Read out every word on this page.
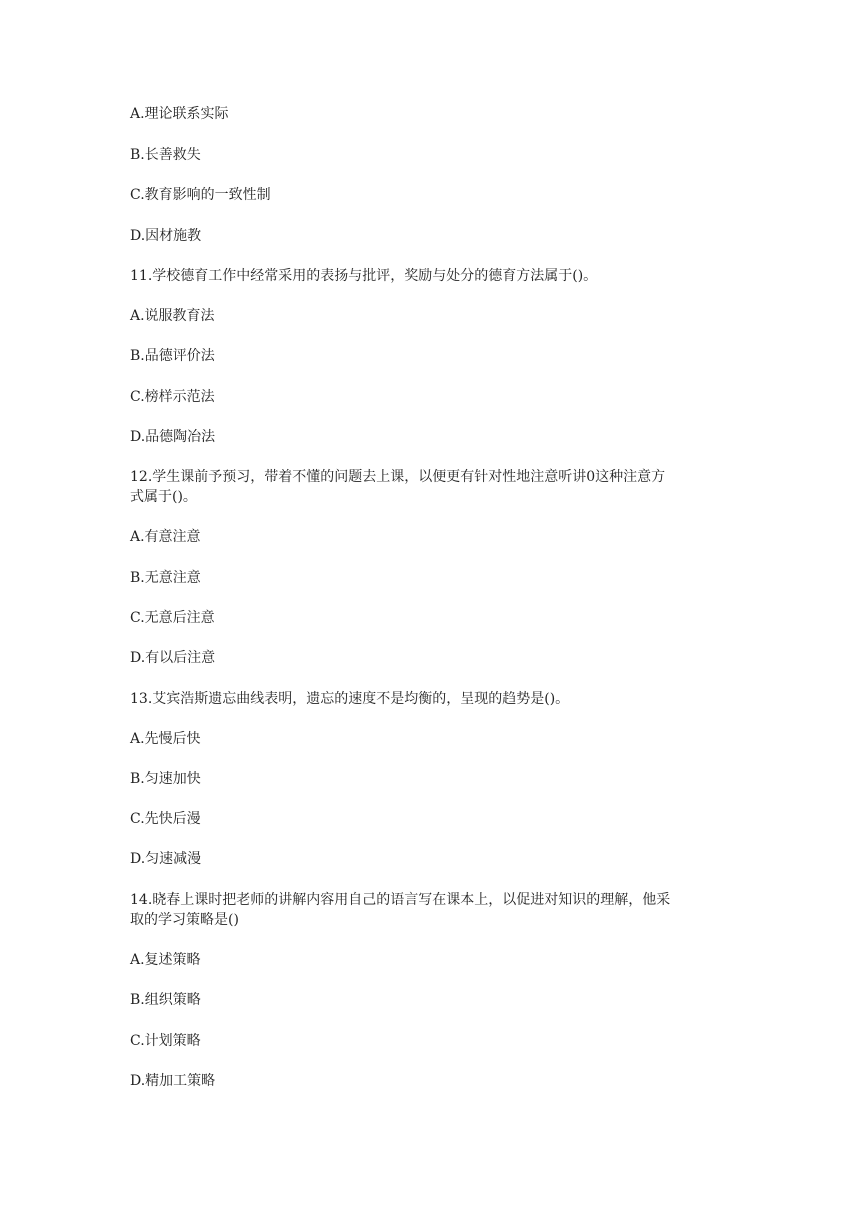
A.理论联系实际
B.长善救失
C.教育影响的一致性制
D.因材施教
11.学校德育工作中经常采用的表扬与批评，奖励与处分的德育方法属于()。
A.说服教育法
B.品德评价法
C.榜样示范法
D.品德陶冶法
12.学生课前予预习，带着不懂的问题去上课，以便更有针对性地注意听讲0这种注意方
式属于()。
A.有意注意
B.无意注意
C.无意后注意
D.有以后注意
13.艾宾浩斯遗忘曲线表明，遗忘的速度不是均衡的，呈现的趋势是()。
A.先慢后快
B.匀速加快
C.先快后漫
D.匀速减漫
14.晓春上课时把老师的讲解内容用自己的语言写在课本上，以促进对知识的理解，他采
取的学习策略是()
A.复述策略
B.组织策略
C.计划策略
D.精加工策略
